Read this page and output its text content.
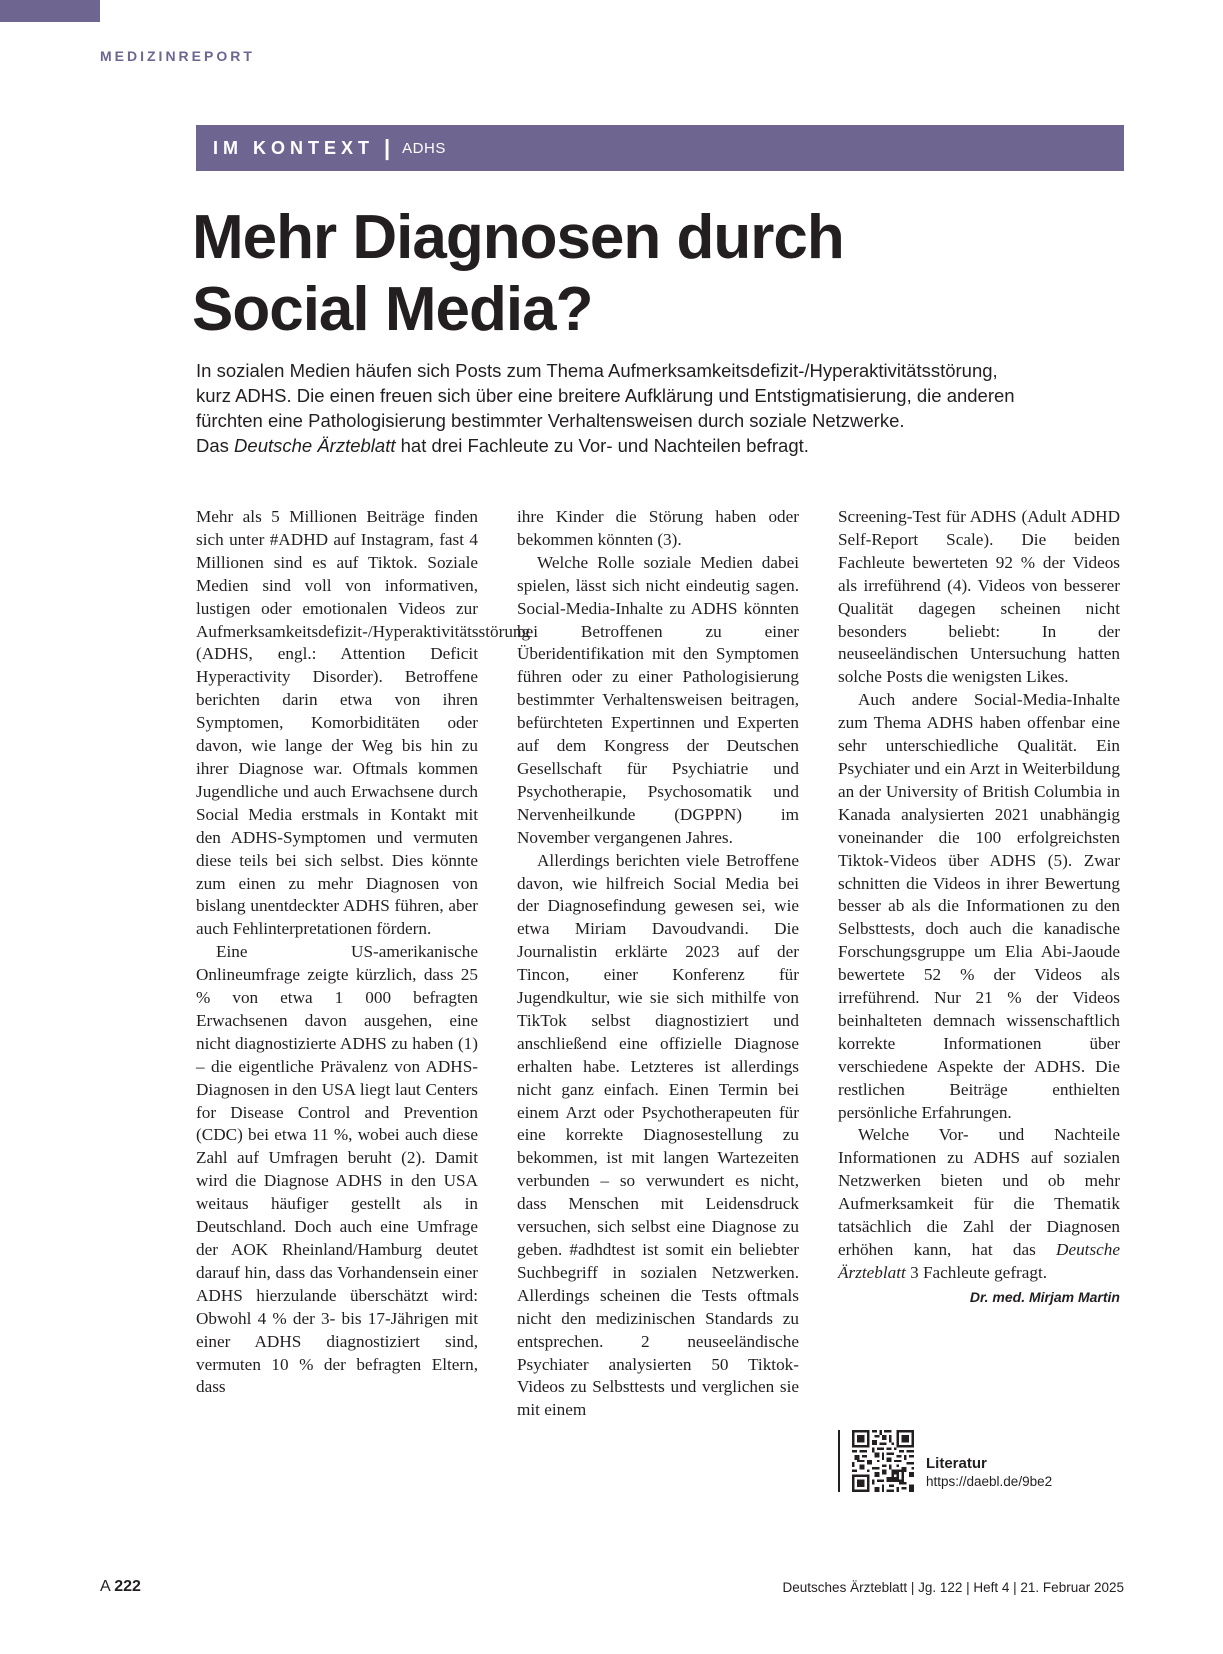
MEDIZINREPORT
IM KONTEXT | ADHS
Mehr Diagnosen durch
Social Media?

In sozialen Medien häufen sich Posts zum Thema Aufmerksamkeitsdefizit-/Hyperaktivitätsstörung,

kurz ADHS. Die einen freuen sich über eine breitere Aufklärung und Entstigmatisierung, die anderen

fürchten eine Pathologisierung bestimmter Verhaltensweisen durch soziale Netzwerke.

Das Deutsche Ärzteblatt hat drei Fachleute zu Vor- und Nachteilen befragt.

Mehr als 5 Millionen Beiträge finden sich unter #ADHD auf Instagram, fast 4 Millionen sind es auf Tiktok. Soziale Medien sind voll von informativen, lustigen oder emotionalen Videos zur Aufmerksamkeitsdefizit-/Hyperaktivitätsstörung (ADHS, engl.: Attention Deficit Hyperactivity Disorder). Betroffene berichten darin etwa von ihren Symptomen, Komorbiditäten oder davon, wie lange der Weg bis hin zu ihrer Diagnose war. Oftmals kommen Jugendliche und auch Erwachsene durch Social Media erstmals in Kontakt mit den ADHS-Symptomen und vermuten diese teils bei sich selbst. Dies könnte zum einen zu mehr Diagnosen von bislang unentdeckter ADHS führen, aber auch Fehlinterpretationen fördern.

Eine US-amerikanische Onlineumfrage zeigte kürzlich, dass 25 % von etwa 1 000 befragten Erwachsenen davon ausgehen, eine nicht diagnostizierte ADHS zu haben (1) – die eigentliche Prävalenz von ADHS-Diagnosen in den USA liegt laut Centers for Disease Control and Prevention (CDC) bei etwa 11 %, wobei auch diese Zahl auf Umfragen beruht (2). Damit wird die Diagnose ADHS in den USA weitaus häufiger gestellt als in Deutschland. Doch auch eine Umfrage der AOK Rheinland/Hamburg deutet darauf hin, dass das Vorhandensein einer ADHS hierzulande überschätzt wird: Obwohl 4 % der 3- bis 17-Jährigen mit einer ADHS diagnostiziert sind, vermuten 10 % der befragten Eltern, dass

ihre Kinder die Störung haben oder bekommen könnten (3).

Welche Rolle soziale Medien dabei spielen, lässt sich nicht eindeutig sagen. Social-Media-Inhalte zu ADHS könnten bei Betroffenen zu einer Überidentifikation mit den Symptomen führen oder zu einer Pathologisierung bestimmter Verhaltensweisen beitragen, befürchteten Expertinnen und Experten auf dem Kongress der Deutschen Gesellschaft für Psychiatrie und Psychotherapie, Psychosomatik und Nervenheilkunde (DGPPN) im November vergangenen Jahres.

Allerdings berichten viele Betroffene davon, wie hilfreich Social Media bei der Diagnosefindung gewesen sei, wie etwa Miriam Davoudvandi. Die Journalistin erklärte 2023 auf der Tincon, einer Konferenz für Jugendkultur, wie sie sich mithilfe von TikTok selbst diagnostiziert und anschließend eine offizielle Diagnose erhalten habe. Letzteres ist allerdings nicht ganz einfach. Einen Termin bei einem Arzt oder Psychotherapeuten für eine korrekte Diagnosestellung zu bekommen, ist mit langen Wartezeiten verbunden – so verwundert es nicht, dass Menschen mit Leidensdruck versuchen, sich selbst eine Diagnose zu geben. #adhdtest ist somit ein beliebter Suchbegriff in sozialen Netzwerken. Allerdings scheinen die Tests oftmals nicht den medizinischen Standards zu entsprechen. 2 neuseeländische Psychiater analysierten 50 Tiktok-Videos zu Selbsttests und verglichen sie mit einem

Screening-Test für ADHS (Adult ADHD Self-Report Scale). Die beiden Fachleute bewerteten 92 % der Videos als irreführend (4). Videos von besserer Qualität dagegen scheinen nicht besonders beliebt: In der neuseeländischen Untersuchung hatten solche Posts die wenigsten Likes.

Auch andere Social-Media-Inhalte zum Thema ADHS haben offenbar eine sehr unterschiedliche Qualität. Ein Psychiater und ein Arzt in Weiterbildung an der University of British Columbia in Kanada analysierten 2021 unabhängig voneinander die 100 erfolgreichsten Tiktok-Videos über ADHS (5). Zwar schnitten die Videos in ihrer Bewertung besser ab als die Informationen zu den Selbsttests, doch auch die kanadische Forschungsgruppe um Elia Abi-Jaoude bewertete 52 % der Videos als irreführend. Nur 21 % der Videos beinhalteten demnach wissenschaftlich korrekte Informationen über verschiedene Aspekte der ADHS. Die restlichen Beiträge enthielten persönliche Erfahrungen.

Welche Vor- und Nachteile Informationen zu ADHS auf sozialen Netzwerken bieten und ob mehr Aufmerksamkeit für die Thematik tatsächlich die Zahl der Diagnosen erhöhen kann, hat das Deutsche Ärzteblatt 3 Fachleute gefragt.

Dr. med. Mirjam Martin
Literatur
https://daebl.de/9be2
A 222	Deutsches Ärzteblatt | Jg. 122 | Heft 4 | 21. Februar 2025
